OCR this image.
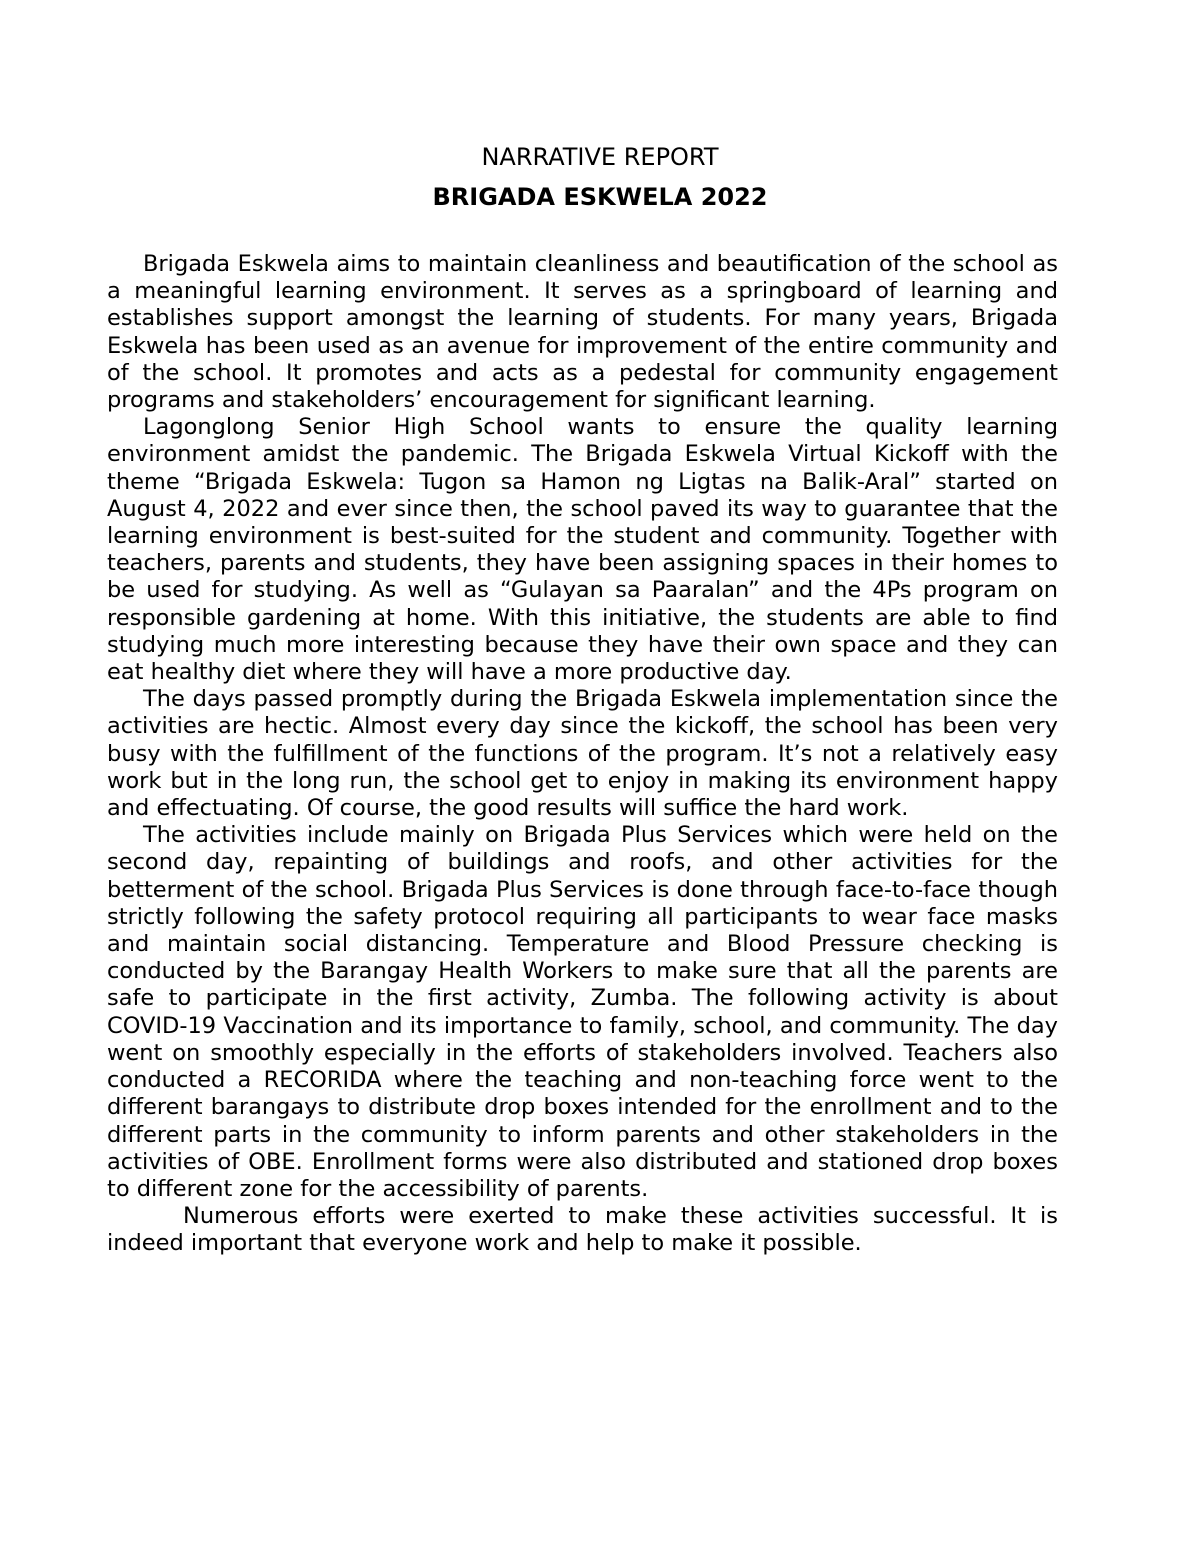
NARRATIVE REPORT
BRIGADA ESKWELA 2022

Brigada Eskwela aims to maintain cleanliness and beautification of the school as a meaningful learning environment. It serves as a springboard of learning and establishes support amongst the learning of students. For many years, Brigada Eskwela has been used as an avenue for improvement of the entire community and of the school. It promotes and acts as a pedestal for community engagement programs and stakeholders’ encouragement for significant learning.

Lagonglong Senior High School wants to ensure the quality learning environment amidst the pandemic. The Brigada Eskwela Virtual Kickoff with the theme “Brigada Eskwela: Tugon sa Hamon ng Ligtas na Balik-Aral” started on August 4, 2022 and ever since then, the school paved its way to guarantee that the learning environment is best-suited for the student and community. Together with teachers, parents and students, they have been assigning spaces in their homes to be used for studying. As well as “Gulayan sa Paaralan” and the 4Ps program on responsible gardening at home. With this initiative, the students are able to find studying much more interesting because they have their own space and they can eat healthy diet where they will have a more productive day.

The days passed promptly during the Brigada Eskwela implementation since the activities are hectic. Almost every day since the kickoff, the school has been very busy with the fulfillment of the functions of the program. It’s not a relatively easy work but in the long run, the school get to enjoy in making its environment happy and effectuating. Of course, the good results will suffice the hard work.

The activities include mainly on Brigada Plus Services which were held on the second day, repainting of buildings and roofs, and other activities for the betterment of the school. Brigada Plus Services is done through face-to-face though strictly following the safety protocol requiring all participants to wear face masks and maintain social distancing. Temperature and Blood Pressure checking is conducted by the Barangay Health Workers to make sure that all the parents are safe to participate in the first activity, Zumba. The following activity is about COVID-19 Vaccination and its importance to family, school, and community. The day went on smoothly especially in the efforts of stakeholders involved. Teachers also conducted a RECORIDA where the teaching and non-teaching force went to the different barangays to distribute drop boxes intended for the enrollment and to the different parts in the community to inform parents and other stakeholders in the activities of OBE. Enrollment forms were also distributed and stationed drop boxes to different zone for the accessibility of parents.

Numerous efforts were exerted to make these activities successful. It is indeed important that everyone work and help to make it possible.
